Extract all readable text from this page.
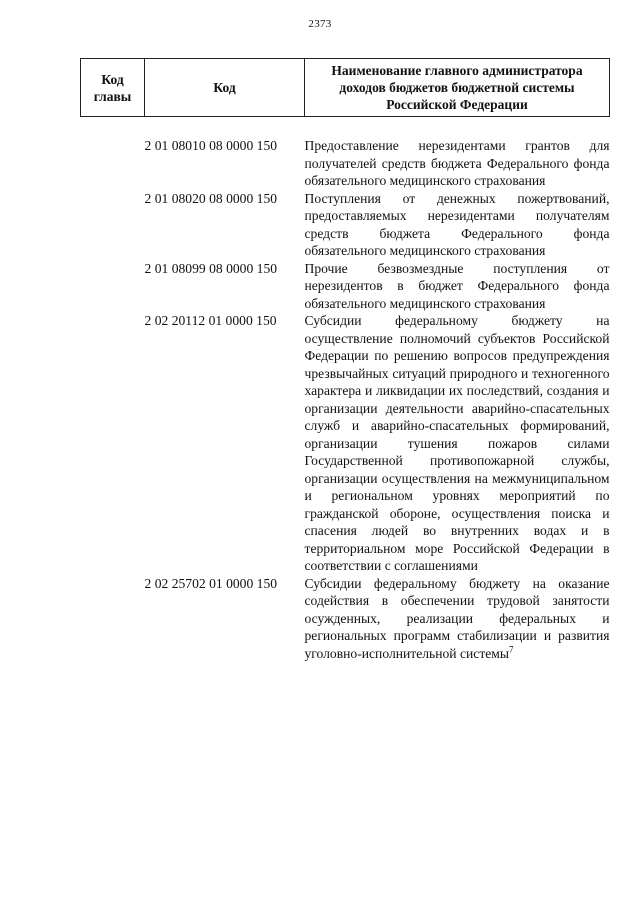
2373
Код главы	Код	Наименование главного администратора доходов бюджетов бюджетной системы Российской Федерации

	2 01 08010 08 0000 150	Предоставление нерезидентами грантов для получателей средств бюджета Федерального фонда обязательного медицинского страхования
	2 01 08020 08 0000 150	Поступления от денежных пожертвований, предоставляемых нерезидентами получателям средств бюджета Федерального фонда обязательного медицинского страхования
	2 01 08099 08 0000 150	Прочие безвозмездные поступления от нерезидентов в бюджет Федерального фонда обязательного медицинского страхования
	2 02 20112 01 0000 150	Субсидии федеральному бюджету на осуществление полномочий субъектов Российской Федерации по решению вопросов предупреждения чрезвычайных ситуаций природного и техногенного характера и ликвидации их последствий, создания и организации деятельности аварийно-спасательных служб и аварийно-спасательных формирований, организации тушения пожаров силами Государственной противопожарной службы, организации осуществления на межмуниципальном и региональном уровнях мероприятий по гражданской обороне, осуществления поиска и спасения людей во внутренних водах и в территориальном море Российской Федерации в соответствии с соглашениями
	2 02 25702 01 0000 150	Субсидии федеральному бюджету на оказание содействия в обеспечении трудовой занятости осужденных, реализации федеральных и региональных программ стабилизации и развития уголовно-исполнительной системы$^7$
